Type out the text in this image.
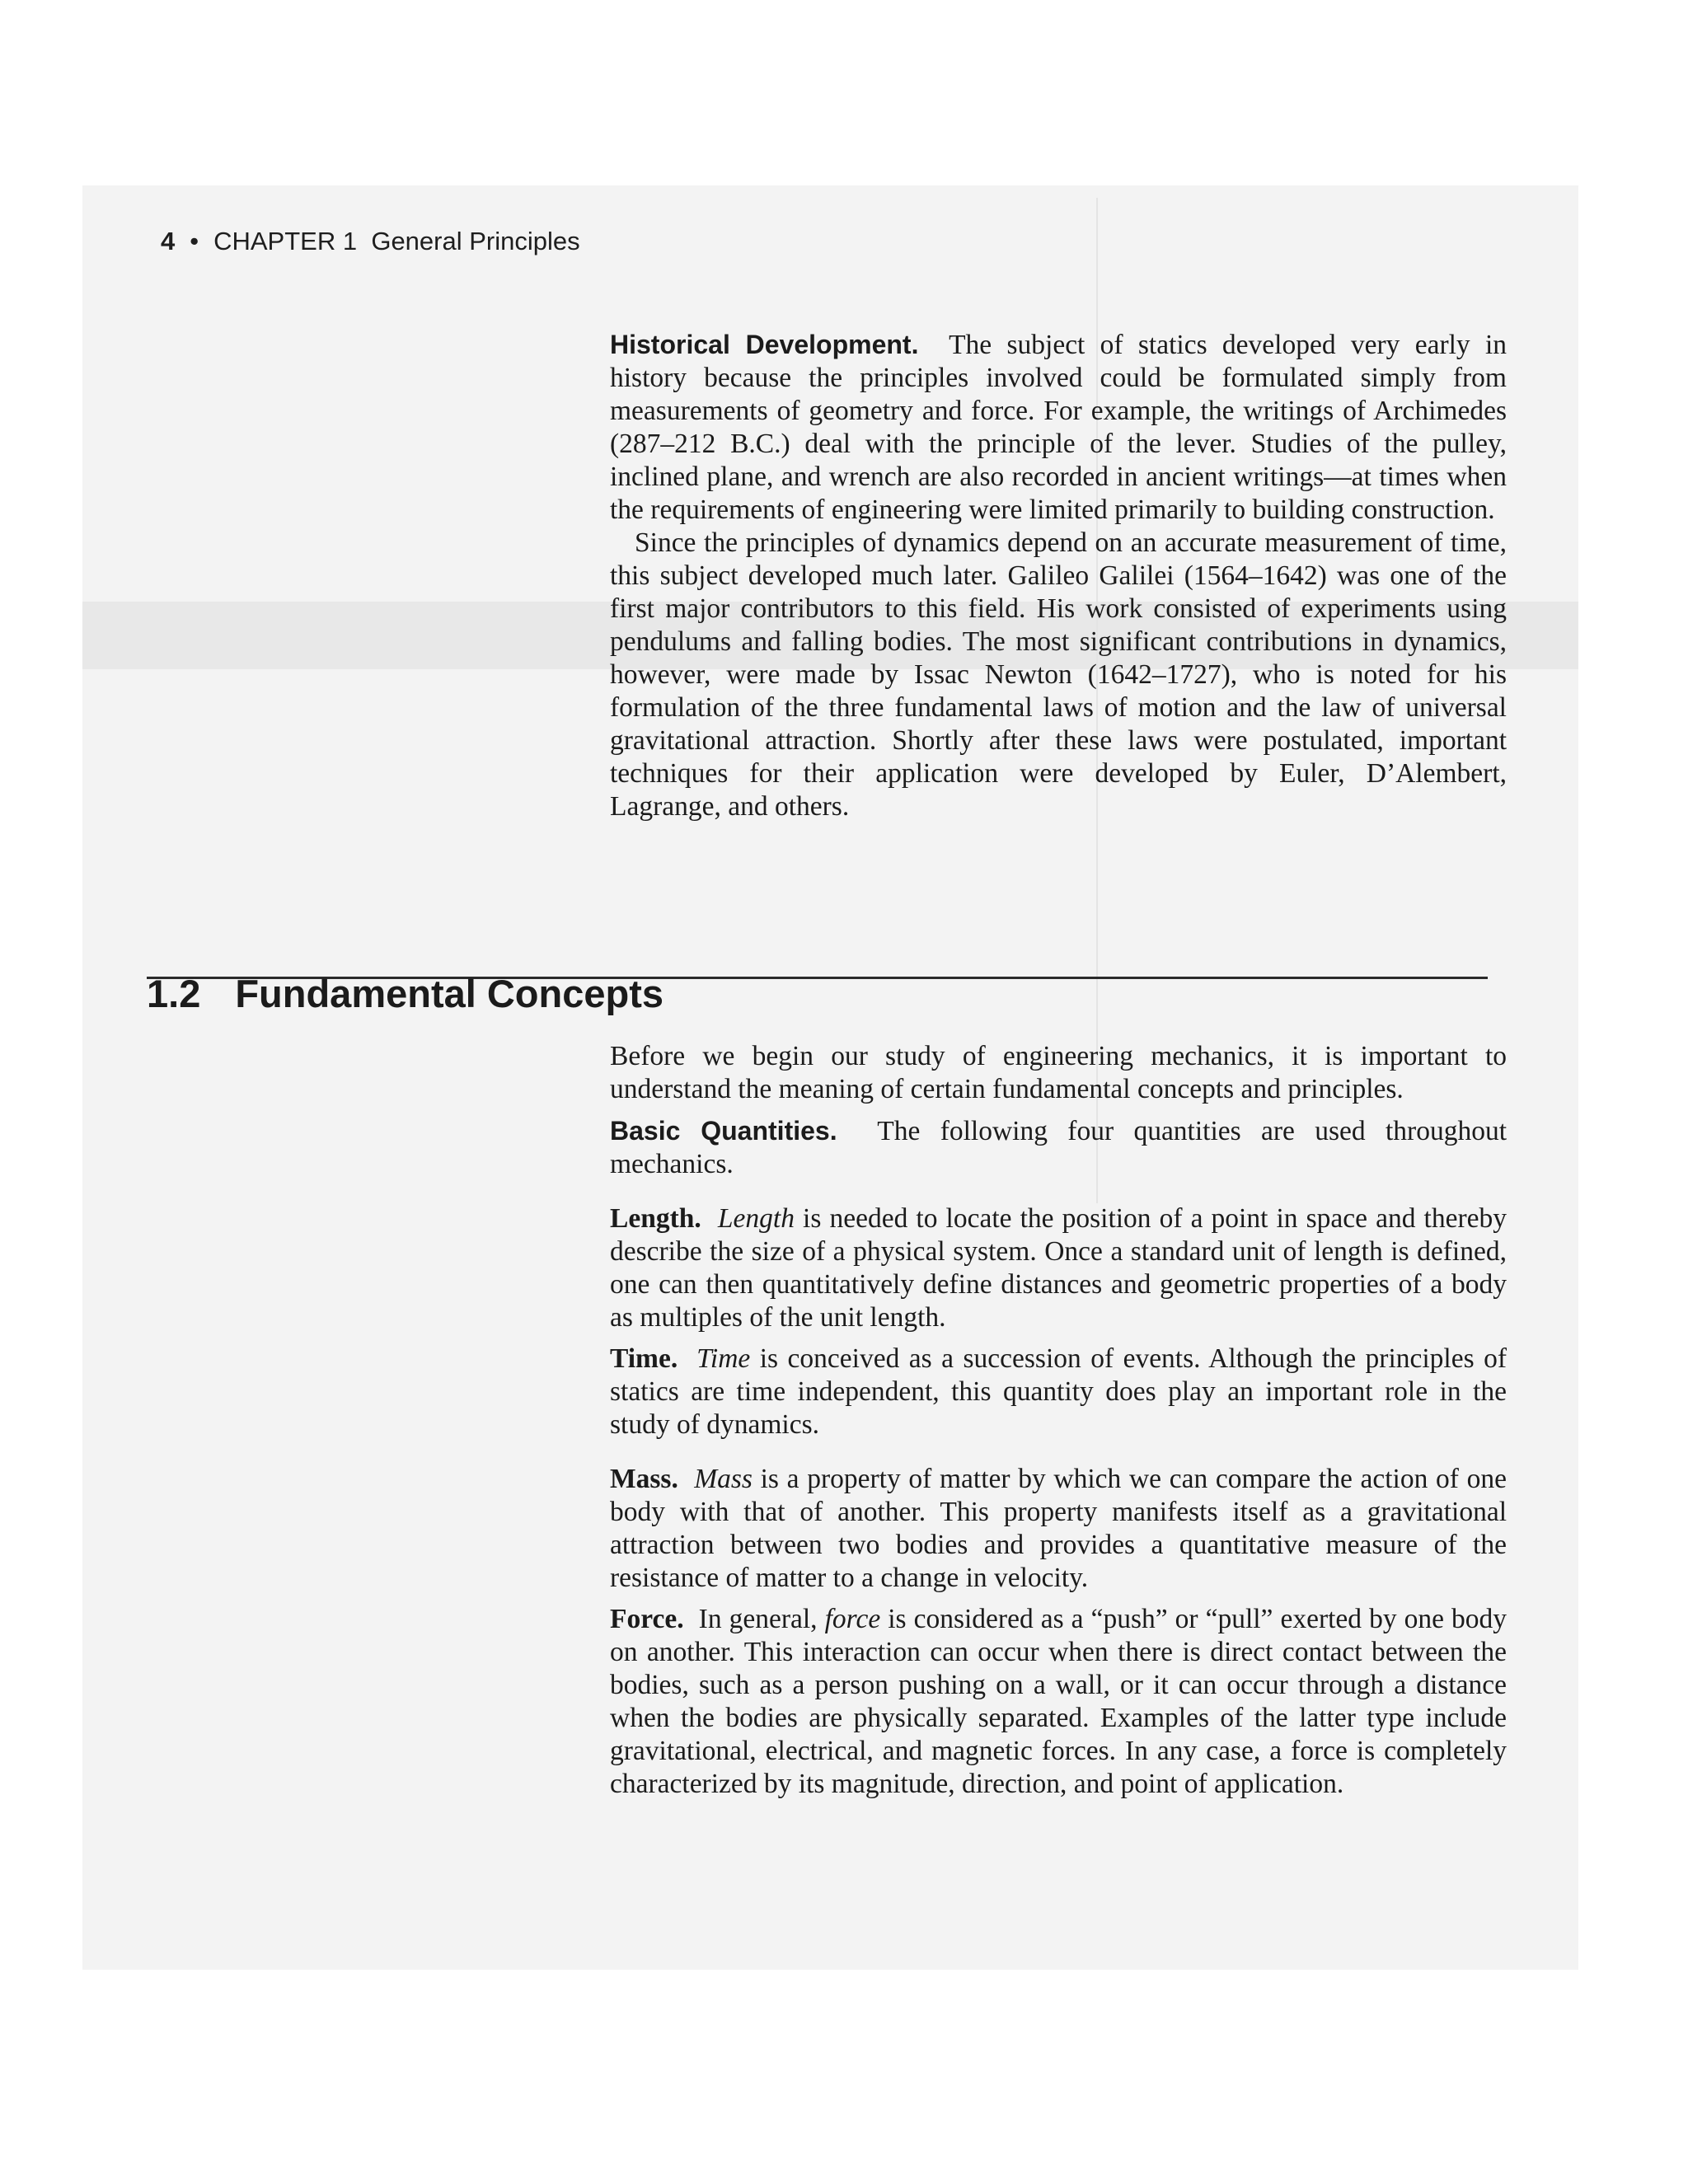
4 • CHAPTER 1 General Principles

Historical Development. The subject of statics developed very early in history because the principles involved could be formulated simply from measurements of geometry and force. For example, the writings of Archimedes (287–212 B.C.) deal with the principle of the lever. Studies of the pulley, inclined plane, and wrench are also recorded in ancient writings—at times when the requirements of engineering were limited primarily to building construction.

Since the principles of dynamics depend on an accurate measurement of time, this subject developed much later. Galileo Galilei (1564–1642) was one of the first major contributors to this field. His work consisted of experiments using pendulums and falling bodies. The most significant contributions in dynamics, however, were made by Issac Newton (1642–1727), who is noted for his formulation of the three fundamental laws of motion and the law of universal gravitational attraction. Shortly after these laws were postulated, important techniques for their application were developed by Euler, D’Alembert, Lagrange, and others.

1.2 Fundamental Concepts

Before we begin our study of engineering mechanics, it is important to understand the meaning of certain fundamental concepts and principles.

Basic Quantities. The following four quantities are used throughout mechanics.

Length. Length is needed to locate the position of a point in space and thereby describe the size of a physical system. Once a standard unit of length is defined, one can then quantitatively define distances and geometric properties of a body as multiples of the unit length.

Time. Time is conceived as a succession of events. Although the principles of statics are time independent, this quantity does play an important role in the study of dynamics.

Mass. Mass is a property of matter by which we can compare the action of one body with that of another. This property manifests itself as a gravitational attraction between two bodies and provides a quantitative measure of the resistance of matter to a change in velocity.

Force. In general, force is considered as a “push” or “pull” exerted by one body on another. This interaction can occur when there is direct contact between the bodies, such as a person pushing on a wall, or it can occur through a distance when the bodies are physically separated. Examples of the latter type include gravitational, electrical, and magnetic forces. In any case, a force is completely characterized by its magnitude, direction, and point of application.
